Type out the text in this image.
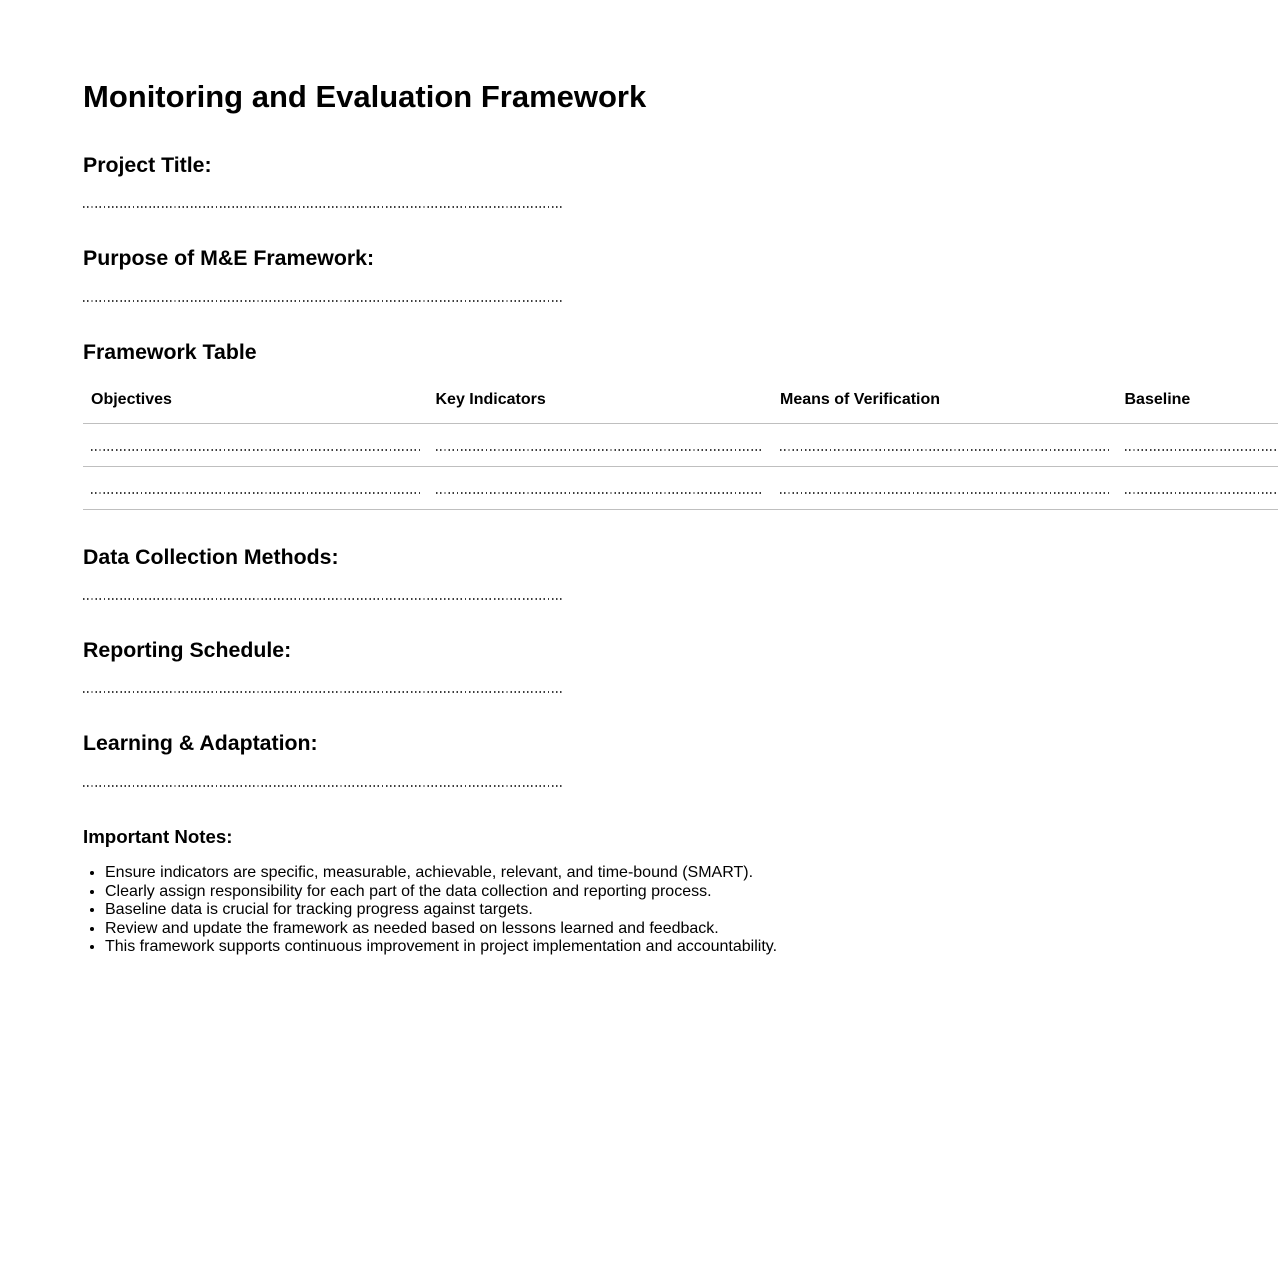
Monitoring and Evaluation Framework
Project Title:
Purpose of M&E Framework:
Framework Table
Objectives	Key Indicators	Means of Verification	Baseline

Data Collection Methods:
Reporting Schedule:
Learning & Adaptation:
Important Notes:
• Ensure indicators are specific, measurable, achievable, relevant, and time-bound (SMART).
• Clearly assign responsibility for each part of the data collection and reporting process.
• Baseline data is crucial for tracking progress against targets.
• Review and update the framework as needed based on lessons learned and feedback.
• This framework supports continuous improvement in project implementation and accountability.
